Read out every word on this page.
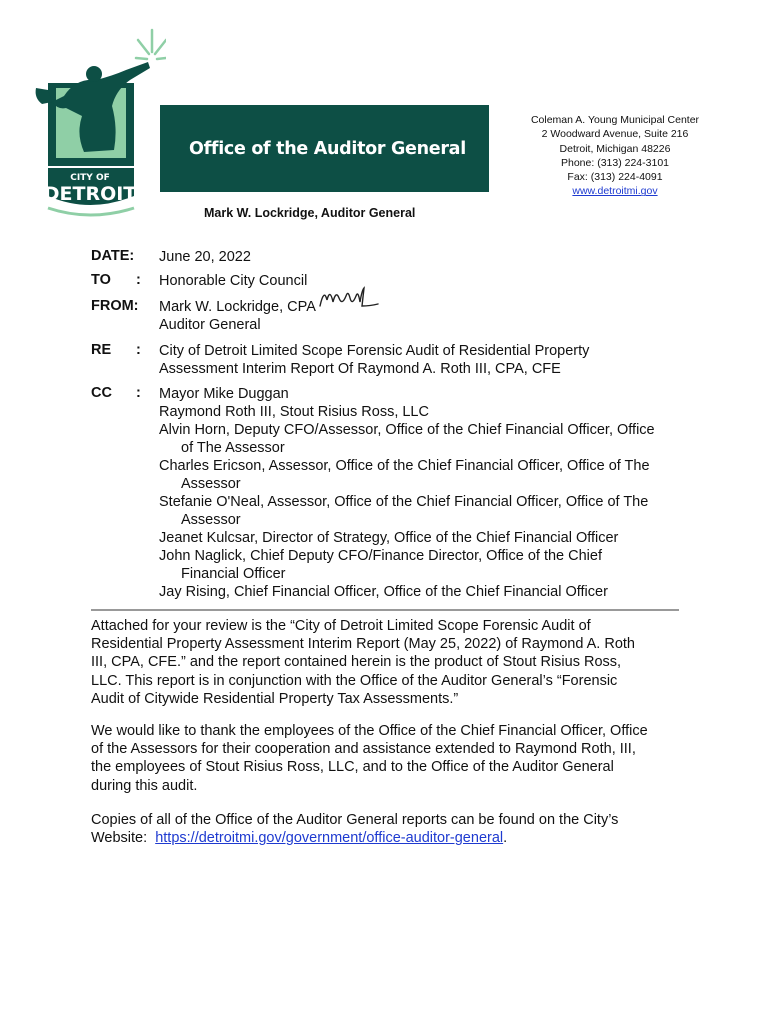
CITY OF
DETROIT
Office of the Auditor General
Coleman A. Young Municipal Center
2 Woodward Avenue, Suite 216
Detroit, Michigan 48226
Phone: (313) 224-3101
Fax: (313) 224-4091
www.detroitmi.gov
Mark W. Lockridge, Auditor General
DATE: June 20, 2022
TO : Honorable City Council
FROM: Mark W. Lockridge, CPA
Auditor General
RE : City of Detroit Limited Scope Forensic Audit of Residential Property
Assessment Interim Report Of Raymond A. Roth III, CPA, CFE
CC : Mayor Mike Duggan
Raymond Roth III, Stout Risius Ross, LLC
Alvin Horn, Deputy CFO/Assessor, Office of the Chief Financial Officer, Office
of The Assessor
Charles Ericson, Assessor, Office of the Chief Financial Officer, Office of The
Assessor
Stefanie O'Neal, Assessor, Office of the Chief Financial Officer, Office of The
Assessor
Jeanet Kulcsar, Director of Strategy, Office of the Chief Financial Officer
John Naglick, Chief Deputy CFO/Finance Director, Office of the Chief
Financial Officer
Jay Rising, Chief Financial Officer, Office of the Chief Financial Officer
Attached for your review is the “City of Detroit Limited Scope Forensic Audit of
Residential Property Assessment Interim Report (May 25, 2022) of Raymond A. Roth
III, CPA, CFE.” and the report contained herein is the product of Stout Risius Ross,
LLC. This report is in conjunction with the Office of the Auditor General’s “Forensic
Audit of Citywide Residential Property Tax Assessments.”
We would like to thank the employees of the Office of the Chief Financial Officer, Office
of the Assessors for their cooperation and assistance extended to Raymond Roth, III,
the employees of Stout Risius Ross, LLC, and to the Office of the Auditor General
during this audit.
Copies of all of the Office of the Auditor General reports can be found on the City’s
Website:  https://detroitmi.gov/government/office-auditor-general.
